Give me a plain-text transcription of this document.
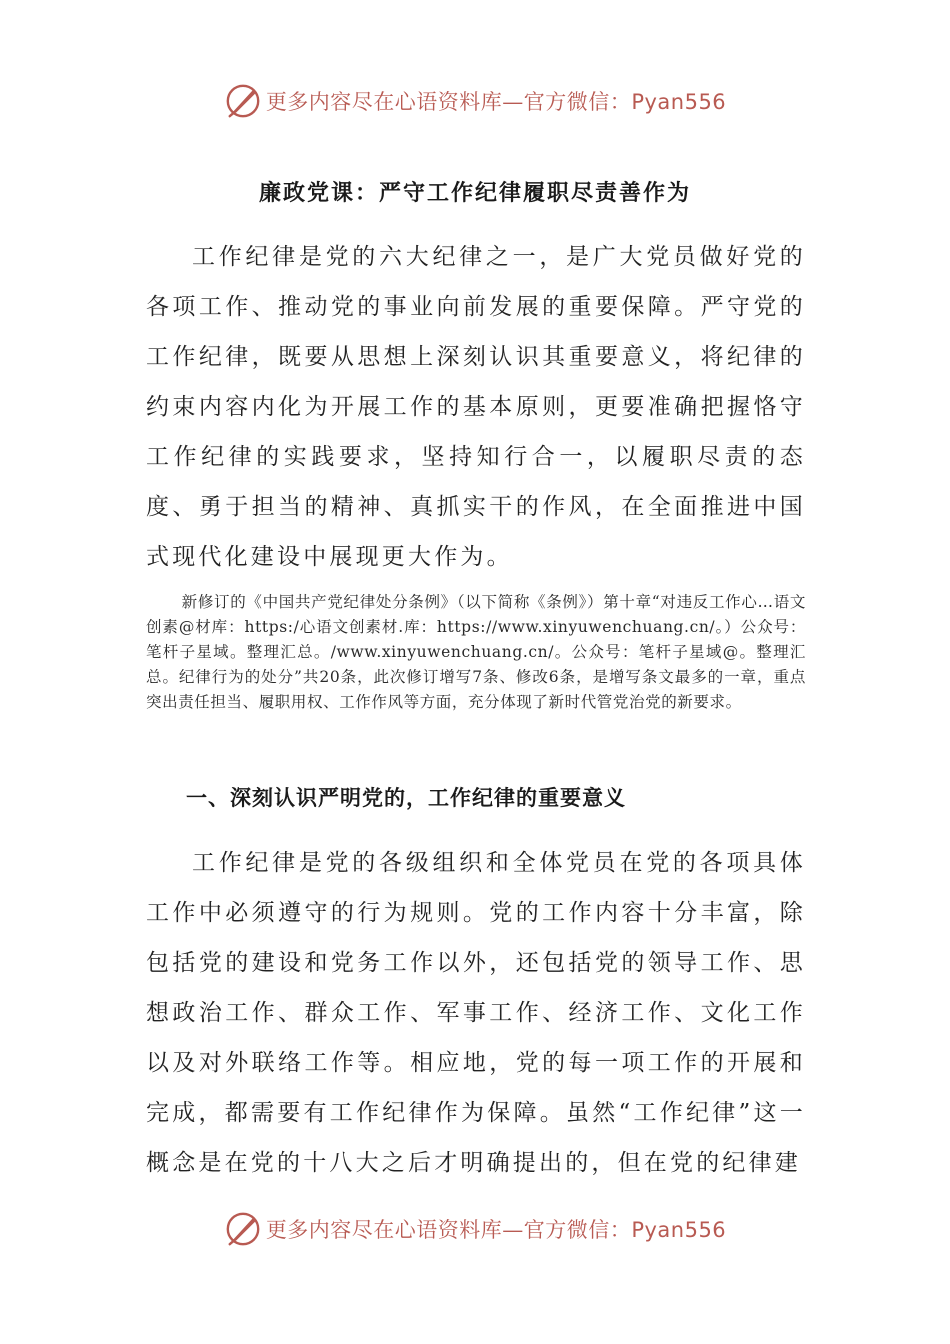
更多内容尽在心语资料库—官方微信：Pyan556
廉政党课：严守工作纪律履职尽责善作为

工作纪律是党的六大纪律之一，是广大党员做好党的各项工作、推动党的事业向前发展的重要保障。严守党的工作纪律，既要从思想上深刻认识其重要意义，将纪律的约束内容内化为开展工作的基本原则，更要准确把握恪守工作纪律的实践要求，坚持知行合一，以履职尽责的态度、勇于担当的精神、真抓实干的作风，在全面推进中国式现代化建设中展现更大作为。

新修订的《中国共产党纪律处分条例》（以下简称《条例》）第十章“对违反工作心…语文创素@材库：https:/心语文创素材.库：https://www.xinyuwenchuang.cn/。）公众号：笔杆子星域。整理汇总。/www.xinyuwenchuang.cn/。公众号：笔杆子星域@。整理汇总。纪律行为的处分”共20条，此次修订增写7条、修改6条，是增写条文最多的一章，重点突出责任担当、履职用权、工作作风等方面，充分体现了新时代管党治党的新要求。

一、深刻认识严明党的，工作纪律的重要意义

工作纪律是党的各级组织和全体党员在党的各项具体工作中必须遵守的行为规则。党的工作内容十分丰富，除包括党的建设和党务工作以外，还包括党的领导工作、思想政治工作、群众工作、军事工作、经济工作、文化工作以及对外联络工作等。相应地，党的每一项工作的开展和完成，都需要有工作纪律作为保障。虽然“工作纪律”这一概念是在党的十八大之后才明确提出的，但在党的纪律建

更多内容尽在心语资料库—官方微信：Pyan556
